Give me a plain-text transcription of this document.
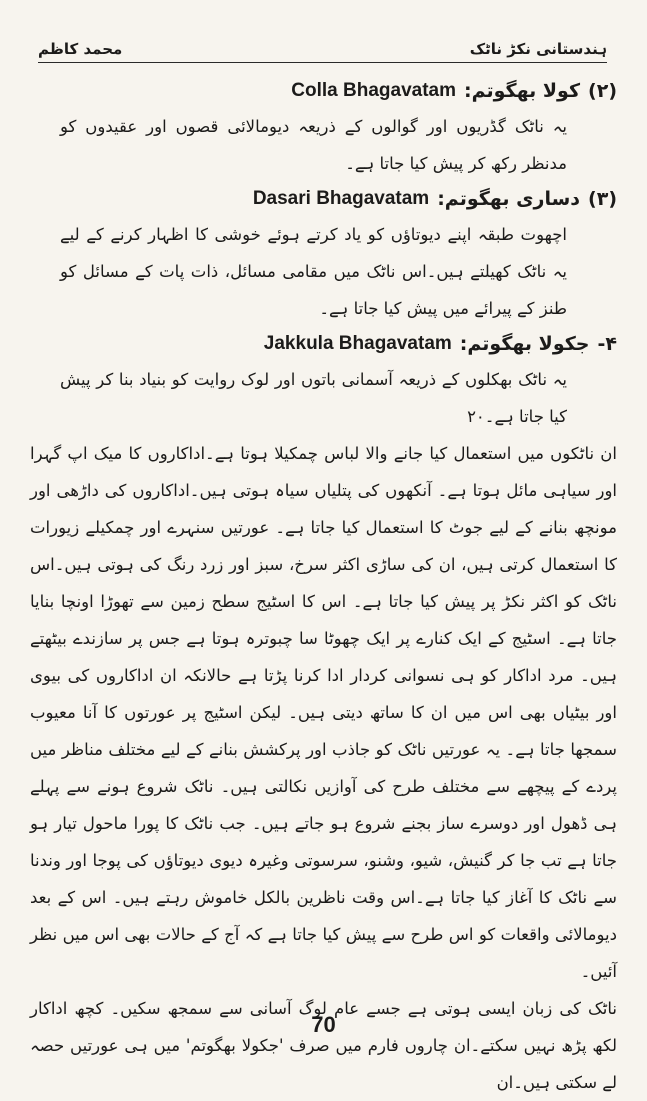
محمد کاظم	ہندستانی نکڑ ناٹک
(۲)
کولا بھگوتم:
Colla Bhagavatam

یہ ناٹک گڈریوں اور گوالوں کے ذریعہ دیومالائی قصوں اور عقیدوں کو مدنظر رکھ کر پیش کیا جاتا ہے۔

(۳)
دساری بھگوتم:
Dasari Bhagavatam

اچھوت طبقہ اپنے دیوتاؤں کو یاد کرتے ہوئے خوشی کا اظہار کرنے کے لیے یہ ناٹک کھیلتے ہیں۔اس ناٹک میں مقامی مسائل، ذات پات کے مسائل کو طنز کے پیرائے میں پیش کیا جاتا ہے۔

۴-
جکولا بھگوتم:
Jakkula Bhagavatam

یہ ناٹک بھکلوں کے ذریعہ آسمانی باتوں اور لوک روایت کو بنیاد بنا کر پیش کیا جاتا ہے۔۲۰

ان ناٹکوں میں استعمال کیا جانے والا لباس چمکیلا ہوتا ہے۔اداکاروں کا میک اپ گہرا اور سیاہی مائل ہوتا ہے۔ آنکھوں کی پتلیاں سیاہ ہوتی ہیں۔اداکاروں کی داڑھی اور مونچھ بنانے کے لیے جوٹ کا استعمال کیا جاتا ہے۔ عورتیں سنہرے اور چمکیلے زیورات کا استعمال کرتی ہیں، ان کی ساڑی اکثر سرخ، سبز اور زرد رنگ کی ہوتی ہیں۔اس ناٹک کو اکثر نکڑ پر پیش کیا جاتا ہے۔ اس کا اسٹیج سطح زمین سے تھوڑا اونچا بنایا جاتا ہے۔ اسٹیج کے ایک کنارے پر ایک چھوٹا سا چبوترہ ہوتا ہے جس پر سازندے بیٹھتے ہیں۔ مرد اداکار کو ہی نسوانی کردار ادا کرنا پڑتا ہے حالانکہ ان اداکاروں کی بیوی اور بیٹیاں بھی اس میں ان کا ساتھ دیتی ہیں۔ لیکن اسٹیج پر عورتوں کا آنا معیوب سمجھا جاتا ہے۔ یہ عورتیں ناٹک کو جاذب اور پرکشش بنانے کے لیے مختلف مناظر میں پردے کے پیچھے سے مختلف طرح کی آوازیں نکالتی ہیں۔ ناٹک شروع ہونے سے پہلے ہی ڈھول اور دوسرے ساز بجنے شروع ہو جاتے ہیں۔ جب ناٹک کا پورا ماحول تیار ہو جاتا ہے تب جا کر گنیش، شیو، وشنو، سرسوتی وغیرہ دیوی دیوتاؤں کی پوجا اور وندنا سے ناٹک کا آغاز کیا جاتا ہے۔اس وقت ناظرین بالکل خاموش رہتے ہیں۔ اس کے بعد دیومالائی واقعات کو اس طرح سے پیش کیا جاتا ہے کہ آج کے حالات بھی اس میں نظر آئیں۔

ناٹک کی زبان ایسی ہوتی ہے جسے عام لوگ آسانی سے سمجھ سکیں۔ کچھ اداکار لکھ پڑھ نہیں سکتے۔ان چاروں فارم میں صرف 'جکولا بھگوتم' میں ہی عورتیں حصہ لے سکتی ہیں۔ان

70
